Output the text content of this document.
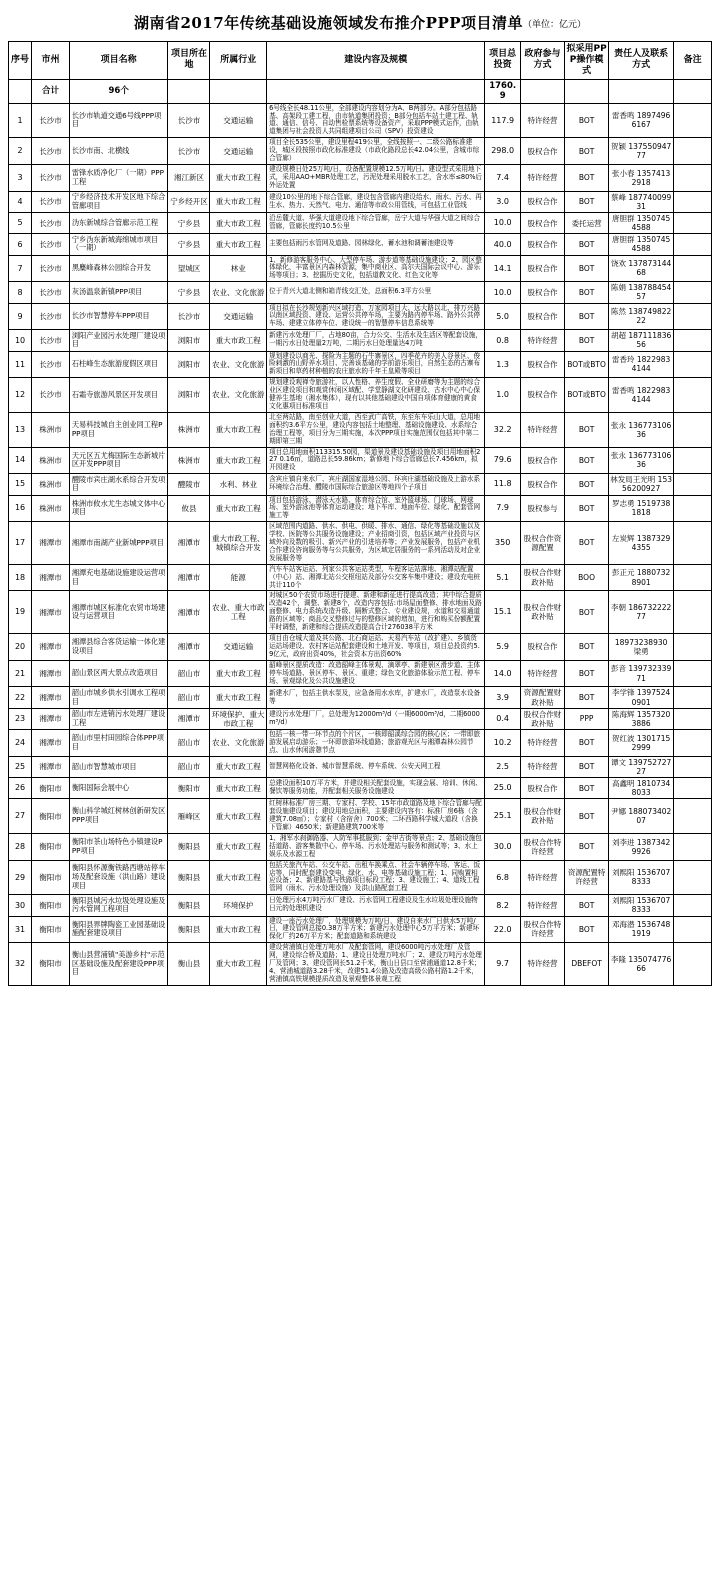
湖南省2017年传统基础设施领域发布推介PPP项目清单（单位：亿元）
序号	市州	项目名称	项目所在地	所属行业	建设内容及规模	项目总投资	政府参与方式	拟采用PPP操作模式	责任人及联系方式	备注
	合计	96个				1760.9				
1	长沙市	长沙市轨道交通6号线PPP项目	长沙市	交通运输	6号线全长48.11公里，全部建设内容划分为A、B两部分。A部分包括路基、高架段工建工程，由市轨道集团投资；B部分包括车站土建工程、轨道、通信、信号、自动售检票系统等设备资产，采取PPP模式运作，由轨道集团与社会投资人共同组建项目公司（SPV）投资建设	117.9	特许经营	BOT	雷香鸣 18974966167	
2	长沙市	长沙市南、北横线	长沙市	交通运输	项目全长535公里，建设里程419公里，全线按照一、二级公路标准建设，城区段按照市政化标准建设（市政化路段总长42.04公里，含城市综合管廊）	298.0	股权合作	BOT	贺颖 13755094777	
3	长沙市	雷锋水质净化厂（一期）PPP工程	湘江新区	重大市政工程	建设规模日处25万吨/日，设备配置规模12.5万吨/日。建设型式采用地下式，采用AAO+MBR处理工艺，污泥处理采用脱水工艺，含水率≤80%后外运处置	7.4	特许经营	BOT	张小春 13574132918	
4	长沙市	宁乡经济技术开发区地下综合管廊项目	宁乡经开区	重大市政工程	建设10公里的地下综合管廊，建设包含管廊内建设给水、雨水、污水、再生水、热力、天然气、电力、通信等市政公用管线，可包括工业管线	3.0	股权合作	BOT	蔡峰 18774009931	
5	长沙市	沩东新城综合管廊示范工程	宁乡县	重大市政工程	沿岳麓大道、华强大道建设地下综合管廊，岳宁大道与华强大道之间综合管廊，管廊长度约10.5公里	10.0	股权合作	委托运营	唐胆群 13507454588	
6	长沙市	宁乡沩东新城海绵城市项目（一期）	宁乡县	重大市政工程	主要包括雨污水管网及道路、园林绿化、蓄水池和调蓄池建设等	40.0	股权合作	BOT	唐胆群 13507454588	
7	长沙市	黑麋峰森林公园综合开发	望城区	林业	1、新修游客服务中心、大型停车场、游步道等基础设施建设；2、园区整体绿化，丰富景区内森林资源，集中商业区、高尔夫国际会议中心、游乐场等项目；3、挖掘历史文化，包括道教文化、红色文化等	14.1	股权合作	BOT	饶欢 13787314468	
8	长沙市	灰汤温泉新镇PPP项目	宁乡县	农业、文化旅游	位于青兴大道北侧和箱青线交汇处，总面积6.3平方公里	10.0	股权合作	BOT	陈娟 13878845457	
9	长沙市	长沙市智慧停车PPP项目	长沙市	交通运输	项目拟在长沙规划新兴区域打造、万家园项目大、远大路以北、排万兴路以南区域投资、建设、运营公共停车场，主要为路内停车场、路外公共停车场、建建立体停车位、建设统一的智慧停车信息系统等	5.0	股权合作	BOT	陈然 13874982222	
10	长沙市	浏阳产业园污水处理厂建设项目	浏阳市	重大市政工程	新建污水处理厂厂，占地80亩，合力公交、生活水及生活区等配套设施，一期污水日处理量2万吨，二期污水日处理量达4万吨	0.8	特许经营	BOT	胡超 18711183656	
11	长沙市	石柱峰生态旅游度假区项目	浏阳市	农业、文化旅游	规划建设以商光、探险为主题的石牛寨景区，四季花卉的美人谷景区、俊险刺激的山野养水项目、完善该基础的学前游乐项目，自然生态的古寨布新项目和草药材种植的农庄旅水的千年王皇殿等项目	1.3	股权合作	BOT或BTO	雷香玲 18229834144	
12	长沙市	石霜寺旅游风景区开发项目	浏阳市	农业、文化旅游	规划建设观禅寺旅游社，以人性格、养生度假、全业研磨等为主题的综合业区建设项目和观赏休闲区域配、学堂静湖文化研建设、古水中心中心保健养生基地（湘水集体），现有以其他基础建设中国自项体育健康的黄食文化惠项目标准项目	1.0	股权合作	BOT或BTO	雷香鸣 18229834144	
13	株洲市	天易科技城自主创业同工程PPP项目	株洲市	重大市政工程	北至两站路，南至创业大道，西至武广高铁，东至东车乐山大道，总用地面积约3.6平方公里，建设内容包括土地整理、基础设施建设、水系综合治理工程等，项目分为三期实施，本次PPP项目实施范围仅包括其中第二期即第三期	32.2	特许经营	BOT	张永 13677310636	
14	株洲市	天元区五尤梅国际生态新城片区开发PPP项目	株洲市	重大市政工程	项目总用地面积113315.50园，渠道景及建设基础设施及项目用地面积227 0.16㎡，道路总长59.86km；新修地下综合管廊总长7.456km，拟开园建设	79.6	股权合作	BOT	张永 13677310636	
15	株洲市	醴陵市宾庄湖水系综合开发项目	醴陵市	水利、林业	含宾庄镇自来水厂、宾庄湖国家湿地公园、环宾庄湖基础设施及上游水系环境综合治理、醴陵市国际综合旅游区等地四个子项目	11.8	股权合作	BOT	林发局王光明 15356200927	
16	株洲市	株洲市攸水尤生态城文体中心项目	攸县	重大市政工程	项目包括游泳、潜泳天水路、体育综合馆、室外篮球场、门球场、网球场、室外游泳池等体育运动建设；地下车库、地面车位、绿化、配套管网施工等	7.9	股权参与	BOT	罗志勇 15197381818	
17	湘潭市	湘潭市南湖产业新城PPP项目	湘潭市	重大市政工程、城镇综合开发	区域范围内道路、供水、供电、供暖、排水、通信、绿化等基础设施以及学校、医院等公共服务设施建设；产业招商引资，包括区域产业投资与区域外向及数的吸引、新兴产业的引进培养等；产业发展服务，包括产业机合作建设咨询服务等与公共服务，为区域定居服务的一系列活动及对企业发展服务等	350	股权合作资源配置	BOT	左炭辉 13873294355	
18	湘潭市	湘潭充电基础设施建设运营项目	湘潭市	能源	汽车车站客运站、列家公共客运站类型，车程客运站落地、湘潭站配置（中心）站、湘潭北站公交枢纽站及部分公交客车集中建设；建设充电桩共计110个	5.1	股权合作财政补贴	BOO	彭正元 18807328901	
19	湘潭市	湘潭市城区标准化农贸市场建设与运营项目	湘潭市	农业、重大市政工程	对城区50个农贸市场进行提建、新建和新征进行提高改造；其中综合提质改造42个，调整、新建8个，改造内容包括:市场屋面整修、排水地面及路面整修、电力系统改造升级、隔断式整合、专业建设规，水道和交易通道路的区域等；商品交叉整修过与的整修区域的增加，进行和购买份额配置平时调整，新建和综合提质改造提高合计276038平方米	15.1	股权合作财政补贴	BOT	李朝 18673222277	
20	湘潭市	湘潭县综合客货运输一体化建设项目	湘潭市	交通运输	项目由仓城大道及其公路、北石商运站、天易汽车站（改扩建）、乡镇货运站场建设、农村客运站配套建设和土地开发、等项目，项目总投资约5.9亿元，政府出资40%，社会资本方出资60%	5.9	股权合作	BOT	18973238930 梁勇	
21	湘潭市	韶山景区两大景点改造项目	韶山市	重大市政工程	韶峰景区提质改造：改造韶峰主体景观、滴翠亭、新建景区滑步道、主体停车场道路、景区停车、景区、重建；绿色文化旅游体验示范工程、停车场、景观绿化及公共设施建设	14.0	特许经营	BOT	彭音 13973233971	
22	湘潭市	韶山市城乡供水引调水工程项目	韶山市	重大市政工程	新建水厂，包括主供水泵及，应急备用水水库，扩建水厂，改造泵水设备等	3.9	资源配置财政补贴	BOT	李学锋 13975240901	
23	湘潭市	韶山市左进销污水处理厂建设工程	湘潭市	环境保护、重大市政工程	建设污水处理厂厂，总处理为12000m³/d（一期6000m³/d，二期6000m³/d）	0.4	股权合作财政补贴	PPP	陈海辉 13573203886	
24	湘潭市	韶山市里村田园综合体PPP项目	韶山市	农业、文化旅游	包括一核一带一环节点的个片区，一核即韶溪综合园的核心区；一带即旅游发展启动游乐；一环即旅游环线道路；旅游观光区与湘潭森林公园节点、山水休闲游憩节点	10.2	特许经营	BOT	贺红波 13017152999	
25	湘潭市	韶山市智慧城市项目	韶山市	重大市政工程	智慧网格化设备、城市智慧系统、停车系统、公安天网工程	2.5	特许经营	BOT	谭文 13975272727	
26	衡阳市	衡阳国际会展中心	衡阳市	重大市政工程	总建设面积10万平方米，并建设相关配套设施，实现会展、培训、休闲、餐饮等服务功能，并配套相关服务设施建设	25.0	股权合作	BOT	高鑫明 18107348033	
27	衡阳市	衡山科学城红树林创新研发区PPP项目	雁峰区	重大市政工程	红树林标准厂房三期、专家村、学校、15年市政道路及地下综合管廊与配套设施建设项目；建设用地总面积，主要建设内容有：标准厂房6栋（含建筑7.08㎡）；专家村（含宿舍）700米；二环西路科学城大道段（含换下管廊）4650米；新建路建筑700米等	25.1	股权合作财政补贴	BOT	尹娜 18807340207	
28	衡阳市	衡阳市茶山场特色小镇建设PPP项目	衡阳县	重大市政工程	1、湘军水刹御路器、人防军事抵服到；金甲古街等景点；2、基础设施包括道路、游客集散中心、停车场、污水处理站与服务和测试等；3、水上娱乐及水源工程	30.0	股权合作特许经营	BOT	刘李进 13873429926	
29	衡阳市	衡阳县怀源衡铁路西塘站停车场及配套设施（洪山路）建设项目	衡阳县	重大市政工程	包括关旅汽车站、公交车站、出租车换乘点、社会车辆停车场、客运、饭店等，同时配套建设变电、绿化、水、电等基础设施工程；1、同购置相应设备；2、新建路基与铁路项目标段工程；3、建设施工；4、道线工程管网（雨水、污水处理设施）及洪山路配套工程	6.8	特许经营	资源配置特许经营	刘熙阳 15367078333	
30	衡阳市	衡阳县城污水垃圾处理设施及污水管网工程项目	衡阳县	环境保护	日处理污水4万吨污水厂建设、污水管网工程建设及生水垃圾处理设施物日元的处理机建设	8.2	特许经营	BOT	刘熙阳 15367078333	
31	衡阳市	衡阳县界牌陶瓷工业园基础设施配套建设项目	衡阳县	重大市政工程	建设一座污水处理厂，处理规模为万吨/日，建设自来水厂日供水5万吨/日，建设管网总接0.38万平方米；新建污水处理中心5万平方米；新建环保化厂约26万平方米；配套道路和系统建设	22.0	股权合作特许经营	BOT	邓海潜 15367481919	
32	衡阳市	衡山县营浦镇"美游乡村"示范区基础设施及配套建设PPP项目	衡山县	重大市政工程	建设营浦镇日处理万吨水厂及配套管网，建设6000吨污水处理厂及管网，建设综合桥及道路；1、建设日处理万吨水厂；2、建设万吨污水处理厂及管网；3、建设管网长51.2千米，衡山日县口至营浦通道12.8千米；4、营浦城道路3.28千米，改建51.4公路及改造高级公路村路1.2千米，营浦镇高铁规模提质改造及景观整体景观工程	9.7	特许经营	DBEFOT	李隆 13507477666	
